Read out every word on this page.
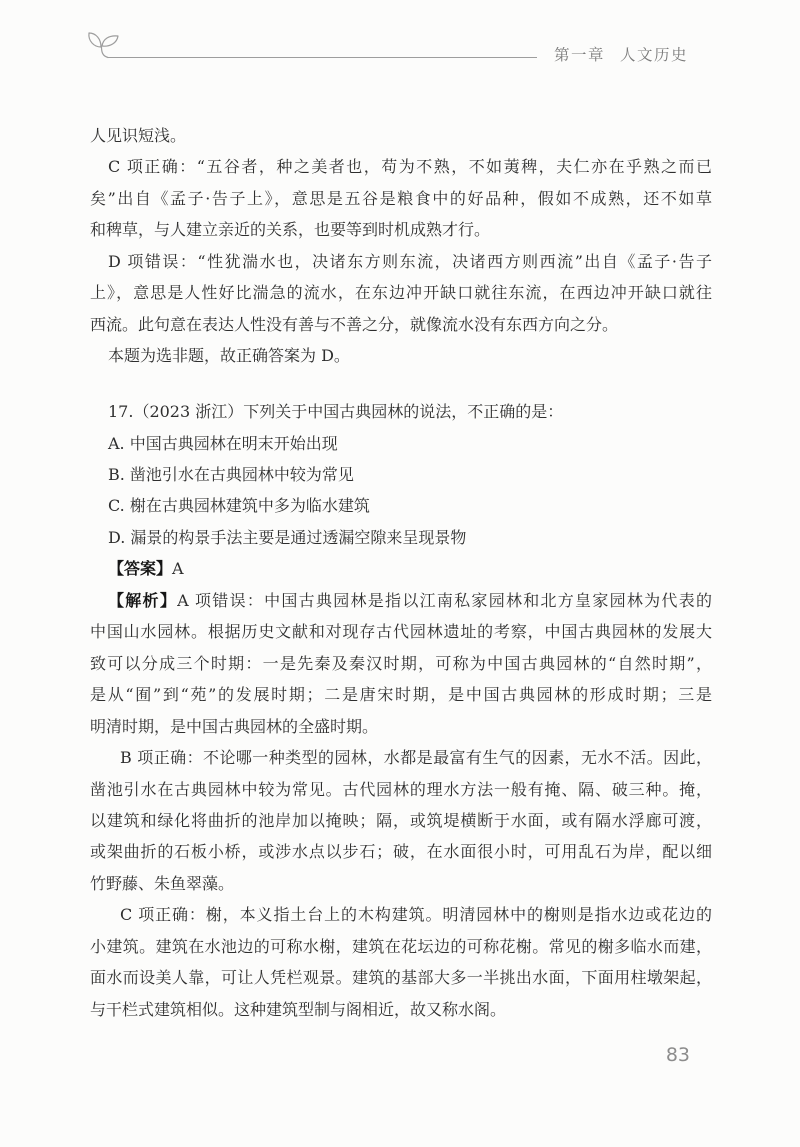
第一章 人文历史
人见识短浅。
C 项正确：“五谷者，种之美者也，苟为不熟，不如荑稗，夫仁亦在乎熟之而已
矣”出自《孟子·告子上》，意思是五谷是粮食中的好品种，假如不成熟，还不如草
和稗草，与人建立亲近的关系，也要等到时机成熟才行。
D 项错误：“性犹湍水也，决诸东方则东流，决诸西方则西流”出自《孟子·告子
上》，意思是人性好比湍急的流水，在东边冲开缺口就往东流，在西边冲开缺口就往
西流。此句意在表达人性没有善与不善之分，就像流水没有东西方向之分。
本题为选非题，故正确答案为 D。
17.（2023 浙江）下列关于中国古典园林的说法，不正确的是：
A. 中国古典园林在明末开始出现
B. 凿池引水在古典园林中较为常见
C. 榭在古典园林建筑中多为临水建筑
D. 漏景的构景手法主要是通过透漏空隙来呈现景物
【答案】A
【解析】A 项错误：中国古典园林是指以江南私家园林和北方皇家园林为代表的
中国山水园林。根据历史文献和对现存古代园林遗址的考察，中国古典园林的发展大
致可以分成三个时期：一是先秦及秦汉时期，可称为中国古典园林的“自然时期”，
是从“囿”到“苑”的发展时期；二是唐宋时期，是中国古典园林的形成时期；三是
明清时期，是中国古典园林的全盛时期。
B 项正确：不论哪一种类型的园林，水都是最富有生气的因素，无水不活。因此，
凿池引水在古典园林中较为常见。古代园林的理水方法一般有掩、隔、破三种。掩，
以建筑和绿化将曲折的池岸加以掩映；隔，或筑堤横断于水面，或有隔水浮廊可渡，
或架曲折的石板小桥，或涉水点以步石；破，在水面很小时，可用乱石为岸，配以细
竹野藤、朱鱼翠藻。
C 项正确：榭，本义指土台上的木构建筑。明清园林中的榭则是指水边或花边的
小建筑。建筑在水池边的可称水榭，建筑在花坛边的可称花榭。常见的榭多临水而建，
面水而设美人靠，可让人凭栏观景。建筑的基部大多一半挑出水面，下面用柱墩架起，
与干栏式建筑相似。这种建筑型制与阁相近，故又称水阁。
83
